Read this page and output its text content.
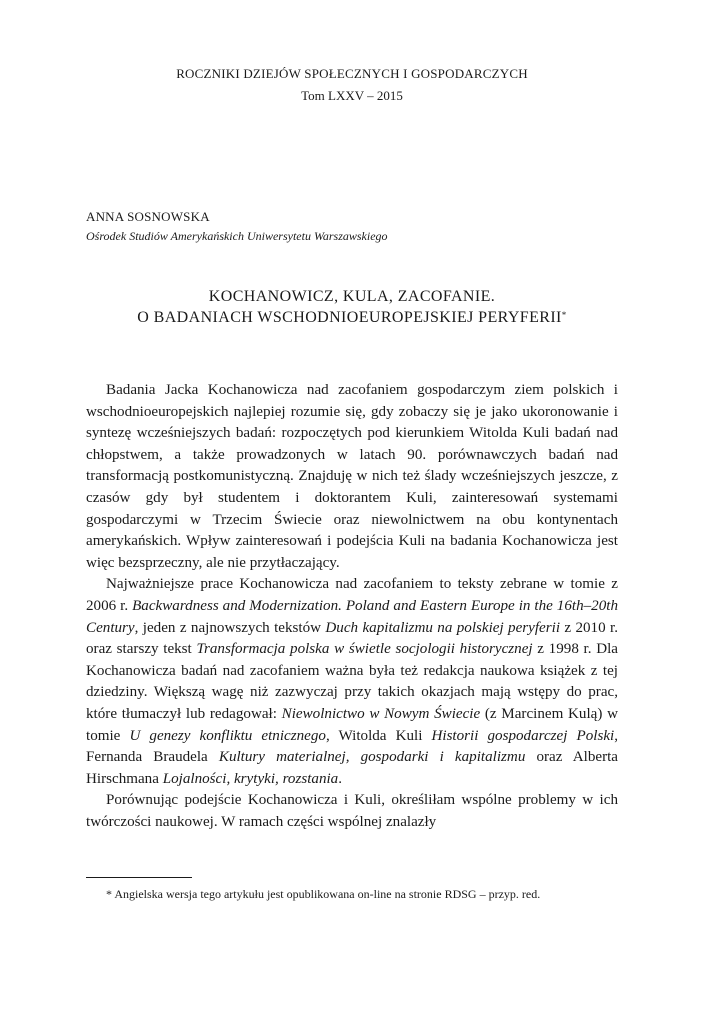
ROCZNIKI DZIEJÓW SPOŁECZNYCH I GOSPODARCZYCH
Tom LXXV – 2015
ANNA SOSNOWSKA
Ośrodek Studiów Amerykańskich Uniwersytetu Warszawskiego
KOCHANOWICZ, KULA, ZACOFANIE.
O BADANIACH WSCHODNIOEUROPEJSKIEJ PERYFERII*

Badania Jacka Kochanowicza nad zacofaniem gospodarczym ziem polskich i wschodnioeuropejskich najlepiej rozumie się, gdy zobaczy się je jako ukoronowanie i syntezę wcześniejszych badań: rozpoczętych pod kierunkiem Witolda Kuli badań nad chłopstwem, a także prowadzonych w latach 90. porównawczych badań nad transformacją postkomunistyczną. Znajduję w nich też ślady wcześniejszych jeszcze, z czasów gdy był studentem i doktorantem Kuli, zainteresowań systemami gospodarczymi w Trzecim Świecie oraz niewolnictwem na obu kontynentach amerykańskich. Wpływ zainteresowań i podejścia Kuli na badania Kochanowicza jest więc bezsprzeczny, ale nie przytłaczający.

Najważniejsze prace Kochanowicza nad zacofaniem to teksty zebrane w tomie z 2006 r. Backwardness and Modernization. Poland and Eastern Europe in the 16th–20th Century, jeden z najnowszych tekstów Duch kapitalizmu na polskiej peryferii z 2010 r. oraz starszy tekst Transformacja polska w świetle socjologii historycznej z 1998 r. Dla Kochanowicza badań nad zacofaniem ważna była też redakcja naukowa książek z tej dziedziny. Większą wagę niż zazwyczaj przy takich okazjach mają wstępy do prac, które tłumaczył lub redagował: Niewolnictwo w Nowym Świecie (z Marcinem Kulą) w tomie U genezy konfliktu etnicznego, Witolda Kuli Historii gospodarczej Polski, Fernanda Braudela Kultury materialnej, gospodarki i kapitalizmu oraz Alberta Hirschmana Lojalności, krytyki, rozstania.

Porównując podejście Kochanowicza i Kuli, określiłam wspólne problemy w ich twórczości naukowej. W ramach części wspólnej znalazły

* Angielska wersja tego artykułu jest opublikowana on-line na stronie RDSG – przyp. red.
